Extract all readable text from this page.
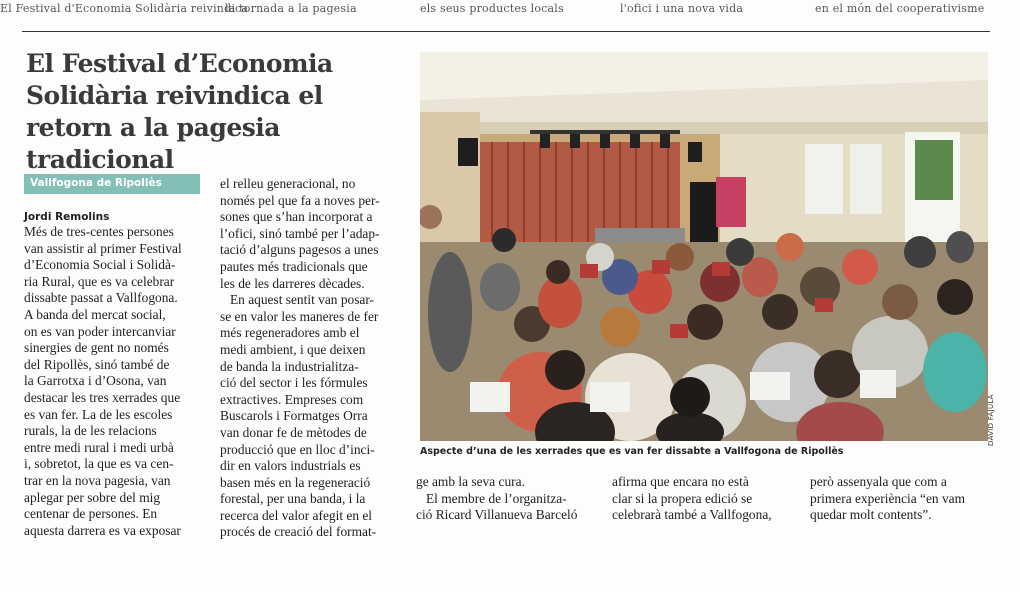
El Festival d'Economia Solidària reivindica
la tornada a la pagesia	els seus productes locals	l'ofici i una nova vida	en el món del cooperativisme
El Festival d’Economia Solidària reivindica el retorn a la pagesia tradicional
Vallfogona de Ripollès

Jordi Remolins

Més de tres-centes persones

van assistir al primer Festival

d’Economia Social i Solidà-

ria Rural, que es va celebrar

dissabte passat a Vallfogona.

A banda del mercat social,

on es van poder intercanviar

sinergies de gent no només

del Ripollès, sinó també de

la Garrotxa i d’Osona, van

destacar les tres xerrades que

es van fer. La de les escoles

rurals, la de les relacions

entre medi rural i medi urbà

i, sobretot, la que es va cen-

trar en la nova pagesia, van

aplegar per sobre del mig

centenar de persones. En

aquesta darrera es va exposar

el relleu generacional, no

només pel que fa a noves per-

sones que s’han incorporat a

l’ofici, sinó també per l’adap-

tació d’alguns pagesos a unes

pautes més tradicionals que

les de les darreres dècades.

En aquest sentit van posar-

se en valor les maneres de fer

més regeneradores amb el

medi ambient, i que deixen

de banda la industrialitza-

ció del sector i les fórmules

extractives. Empreses com

Buscarols i Formatges Orra

van donar fe de mètodes de

producció que en lloc d’inci-

dir en valors industrials es

basen més en la regeneració

forestal, per una banda, i la

recerca del valor afegit en el

procés de creació del format-

DAVID FAJULA
Aspecte d’una de les xerrades que es van fer dissabte a Vallfogona de Ripollès

ge amb la seva cura.

El membre de l’organitza-

ció Ricard Villanueva Barceló

afirma que encara no està

clar si la propera edició se

celebrarà també a Vallfogona,

però assenyala que com a

primera experiència “en vam

quedar molt contents”.
